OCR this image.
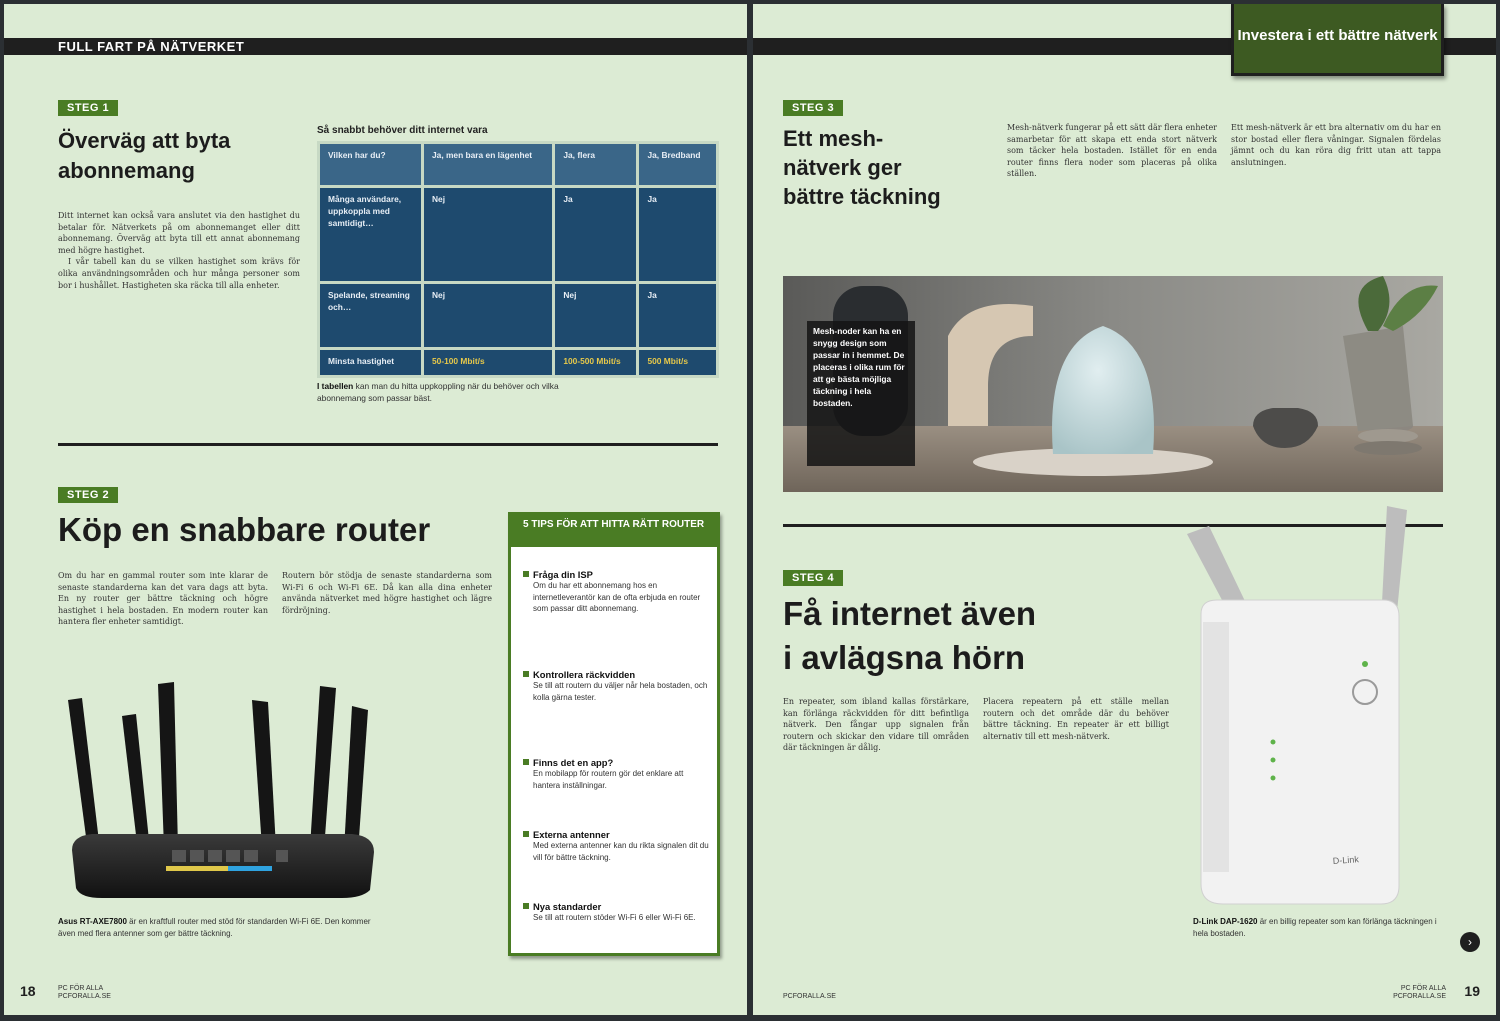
FULL FART PÅ NÄTVERKET
STEG 1
Överväg att byta
abonnemang

Ditt internet kan också vara anslutet via den hastighet du betalar för. Nätverkets på om abonnemanget eller ditt abonnemang. Överväg att byta till ett annat abonnemang med högre hastighet.

I vår tabell kan du se vilken hastighet som krävs för olika användningsområden och hur många personer som bor i hushållet. Hastigheten ska räcka till alla enheter.

Så snabbt behöver ditt internet vara
Vilken har du?	Ja, men bara en lägenhet	Ja, flera	Ja, Bredband
Många användare, uppkoppla med samtidigt…	Nej	Ja	Ja
Spelande, streaming och…	Nej	Nej	Ja
Minsta hastighet	50-100 Mbit/s	100-500 Mbit/s	500 Mbit/s
I tabellen kan man du hitta uppkoppling när du behöver och vilka abonnemang som passar bäst.
STEG 2
Köp en snabbare router
Om du har en gammal router som inte klarar de senaste standarderna kan det vara dags att byta. En ny router ger bättre täckning och högre hastighet i hela bostaden. En modern router kan hantera fler enheter samtidigt.
Routern bör stödja de senaste standarderna som Wi-Fi 6 och Wi-Fi 6E. Då kan alla dina enheter använda nätverket med högre hastighet och lägre fördröjning.
Asus RT-AXE7800 är en kraftfull router med stöd för standarden Wi-Fi 6E. Den kommer även med flera antenner som ger bättre täckning.
5 TIPS FÖR ATT HITTA RÄTT ROUTER
Fråga din ISP
Om du har ett abonnemang hos en internetleverantör kan de ofta erbjuda en router som passar ditt abonnemang.
Kontrollera räckvidden
Se till att routern du väljer når hela bostaden, och kolla gärna tester.
Finns det en app?
En mobilapp för routern gör det enklare att hantera inställningar.
Externa antenner
Med externa antenner kan du rikta signalen dit du vill för bättre täckning.
Nya standarder
Se till att routern stöder Wi-Fi 6 eller Wi-Fi 6E.
18	PC FÖR ALLA
PCFORALLA.SE
Investera i ett bättre nätverk
STEG 3
Ett mesh-
nätverk ger
bättre täckning
Mesh-nätverk fungerar på ett sätt där flera enheter samarbetar för att skapa ett enda stort nätverk som täcker hela bostaden. Istället för en enda router finns flera noder som placeras på olika ställen.
Ett mesh-nätverk är ett bra alternativ om du har en stor bostad eller flera våningar. Signalen fördelas jämnt och du kan röra dig fritt utan att tappa anslutningen.
Mesh-noder kan ha en snygg design som passar in i hemmet. De placeras i olika rum för att ge bästa möjliga täckning i hela bostaden.
STEG 4
Få internet även
i avlägsna hörn
En repeater, som ibland kallas förstärkare, kan förlänga räckvidden för ditt befintliga nätverk. Den fångar upp signalen från routern och skickar den vidare till områden där täckningen är dålig.
Placera repeatern på ett ställe mellan routern och det område där du behöver bättre täckning. En repeater är ett billigt alternativ till ett mesh-nätverk.
D-Link
D-Link DAP-1620 är en billig repeater som kan förlänga täckningen i hela bostaden.
›
PCFORALLA.SE
PC FÖR ALLA
PCFORALLA.SE 19
